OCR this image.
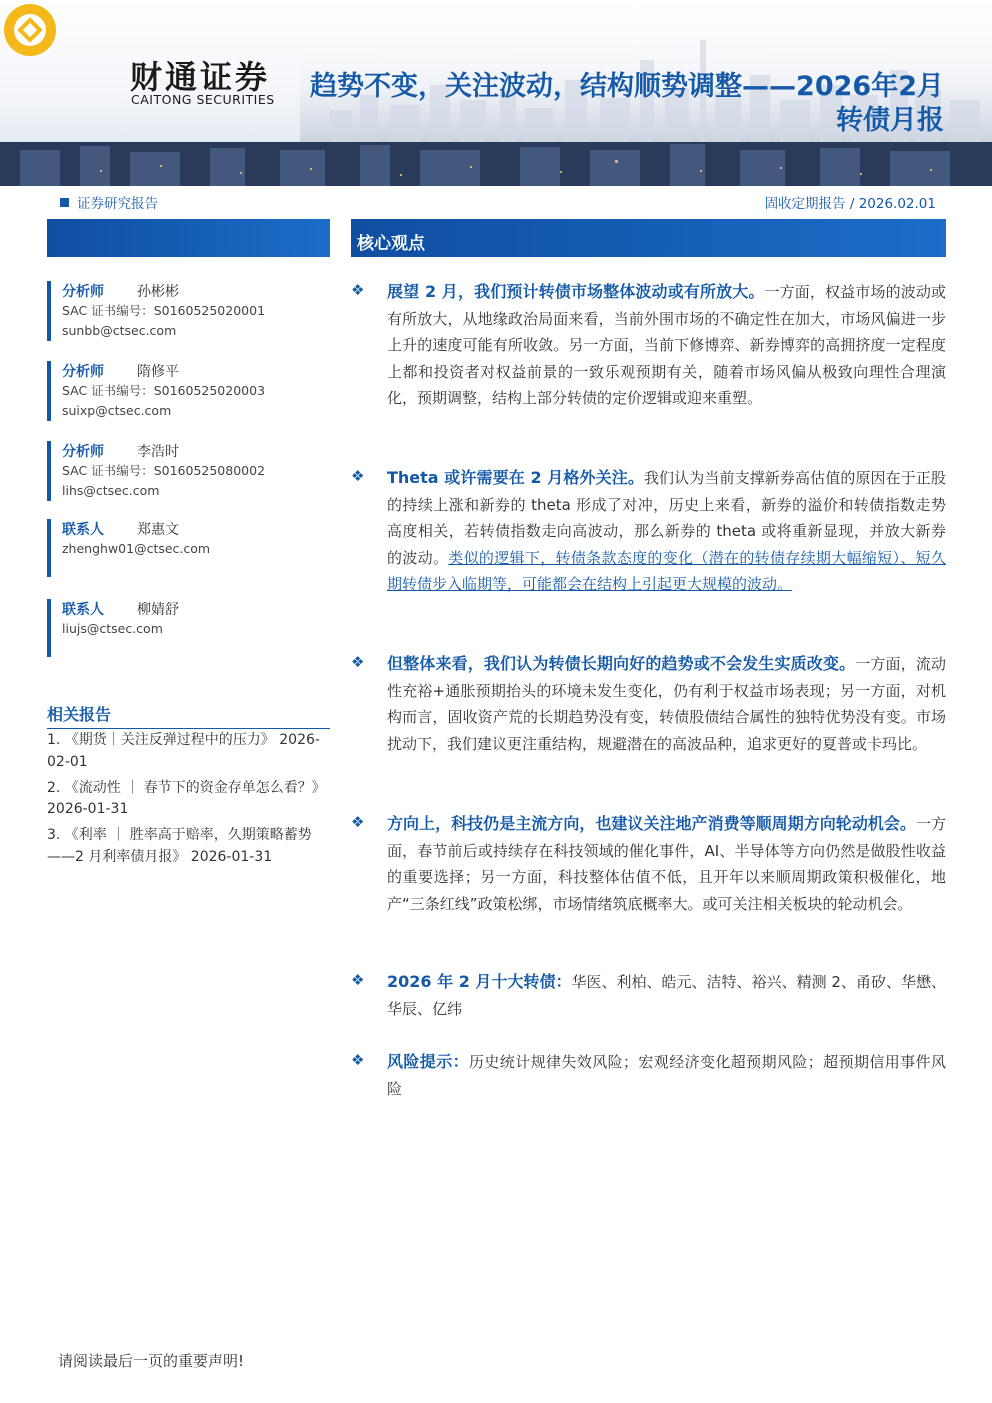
财通证券
CAITONG SECURITIES	趋势不变，关注波动，结构顺势调整——2026年2月转债月报
证券研究报告	固收定期报告 / 2026.02.01
核心观点
分析师 孙彬彬
SAC 证书编号：S0160525020001
sunbb@ctsec.com
分析师 隋修平
SAC 证书编号：S0160525020003
suixp@ctsec.com
分析师 李浩时
SAC 证书编号：S0160525080002
lihs@ctsec.com
联系人 郑惠文
zhenghw01@ctsec.com
联系人 柳婧舒
liujs@ctsec.com
相关报告
1. 《期货｜关注反弹过程中的压力》 2026-02-01
2. 《流动性 ｜ 春节下的资金存单怎么看？》 2026-01-31
3. 《利率 ｜ 胜率高于赔率，久期策略蓄势——2 月利率债月报》 2026-01-31
❖ 展望 2 月，我们预计转债市场整体波动或有所放大。一方面，权益市场的波动或有所放大，从地缘政治局面来看，当前外围市场的不确定性在加大，市场风偏进一步上升的速度可能有所收敛。另一方面，当前下修博弈、新券博弈的高拥挤度一定程度上都和投资者对权益前景的一致乐观预期有关，随着市场风偏从极致向理性合理演化，预期调整，结构上部分转债的定价逻辑或迎来重塑。
❖ Theta 或许需要在 2 月格外关注。我们认为当前支撑新券高估值的原因在于正股的持续上涨和新券的 theta 形成了对冲，历史上来看，新券的溢价和转债指数走势高度相关，若转债指数走向高波动，那么新券的 theta 或将重新显现，并放大新券的波动。类似的逻辑下，转债条款态度的变化（潜在的转债存续期大幅缩短）、短久期转债步入临期等，可能都会在结构上引起更大规模的波动。
❖ 但整体来看，我们认为转债长期向好的趋势或不会发生实质改变。一方面，流动性充裕+通胀预期抬头的环境未发生变化，仍有利于权益市场表现；另一方面，对机构而言，固收资产荒的长期趋势没有变，转债股债结合属性的独特优势没有变。市场扰动下，我们建议更注重结构，规避潜在的高波品种，追求更好的夏普或卡玛比。
❖ 方向上，科技仍是主流方向，也建议关注地产消费等顺周期方向轮动机会。一方面，春节前后或持续存在科技领域的催化事件，AI、半导体等方向仍然是做股性收益的重要选择；另一方面，科技整体估值不低，且开年以来顺周期政策积极催化，地产“三条红线”政策松绑，市场情绪筑底概率大。或可关注相关板块的轮动机会。
❖ 2026 年 2 月十大转债：华医、利柏、皓元、洁特、裕兴、精测 2、甬矽、华懋、华辰、亿纬
❖ 风险提示：历史统计规律失效风险；宏观经济变化超预期风险；超预期信用事件风险
请阅读最后一页的重要声明!
